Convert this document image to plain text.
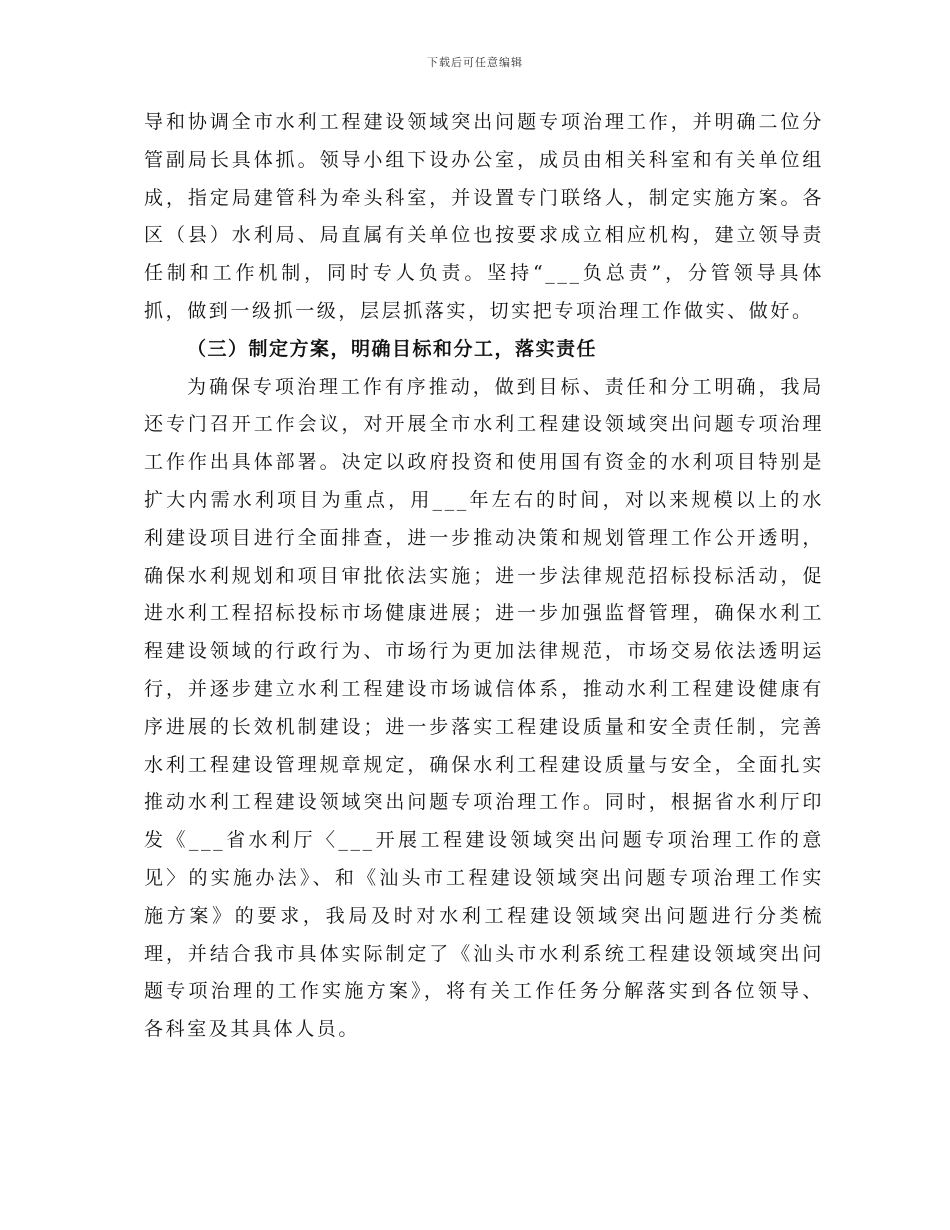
下载后可任意编辑

导和协调全市水利工程建设领域突出问题专项治理工作，并明确二位分管副局长具体抓。领导小组下设办公室，成员由相关科室和有关单位组成，指定局建管科为牵头科室，并设置专门联络人，制定实施方案。各区（县）水利局、局直属有关单位也按要求成立相应机构，建立领导责任制和工作机制，同时专人负责。坚持“___负总责”，分管领导具体抓，做到一级抓一级，层层抓落实，切实把专项治理工作做实、做好。

（三）制定方案，明确目标和分工，落实责任

为确保专项治理工作有序推动，做到目标、责任和分工明确，我局还专门召开工作会议，对开展全市水利工程建设领域突出问题专项治理工作作出具体部署。决定以政府投资和使用国有资金的水利项目特别是扩大内需水利项目为重点，用___年左右的时间，对以来规模以上的水利建设项目进行全面排查，进一步推动决策和规划管理工作公开透明，确保水利规划和项目审批依法实施；进一步法律规范招标投标活动，促进水利工程招标投标市场健康进展；进一步加强监督管理，确保水利工程建设领域的行政行为、市场行为更加法律规范，市场交易依法透明运行，并逐步建立水利工程建设市场诚信体系，推动水利工程建设健康有序进展的长效机制建设；进一步落实工程建设质量和安全责任制，完善水利工程建设管理规章规定，确保水利工程建设质量与安全，全面扎实推动水利工程建设领域突出问题专项治理工作。同时，根据省水利厅印发《___省水利厅〈___开展工程建设领域突出问题专项治理工作的意见〉的实施办法》、和《汕头市工程建设领域突出问题专项治理工作实施方案》的要求，我局及时对水利工程建设领域突出问题进行分类梳理，并结合我市具体实际制定了《汕头市水利系统工程建设领域突出问题专项治理的工作实施方案》，将有关工作任务分解落实到各位领导、各科室及其具体人员。
